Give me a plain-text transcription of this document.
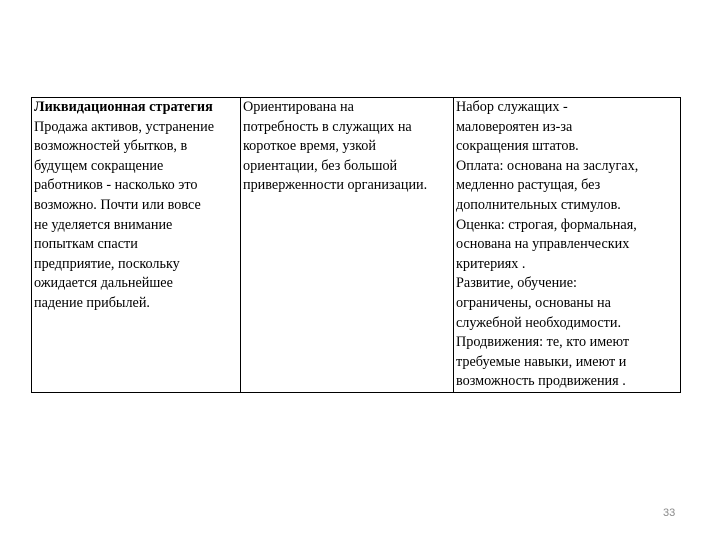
Ликвидационная стратегия
Продажа активов, устранение
возможностей убытков, в
будущем сокращение
работников - насколько это
возможно. Почти или вовсе
не уделяется внимание
попыткам спасти
предприятие, поскольку
ожидается дальнейшее
падение прибылей.

Ориентирована на
потребность в служащих на
короткое время, узкой
ориентации, без большой
приверженности организации.

Набор служащих -
маловероятен из-за
сокращения штатов.
Оплата: основана на заслугах,
медленно растущая, без
дополнительных стимулов.
Оценка: строгая, формальная,
основана на управленческих
критериях .
Развитие, обучение:
ограничены, основаны на
служебной необходимости.
Продвижения: те, кто имеют
требуемые навыки, имеют и
возможность продвижения .
33
